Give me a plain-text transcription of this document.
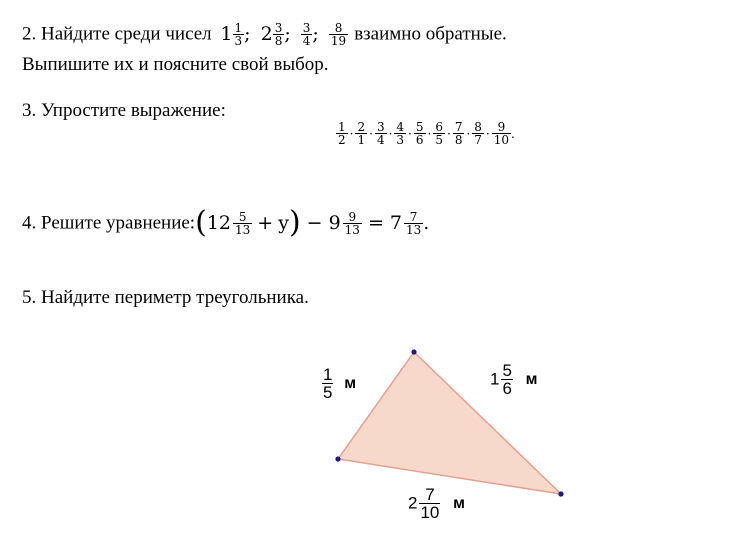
2. Найдите среди чисел $1 \frac{1}{3}$ ; $2 \frac{3}{8}$ ; $\frac{3}{4}$ ; $\frac{8}{19}$ взаимно обратные.
Выпишите их и поясните свой выбор.
3. Упростите выражение:
$\frac{1}{2} \cdot \frac{2}{1} \cdot \frac{3}{4} \cdot \frac{4}{3} \cdot \frac{5}{6} \cdot \frac{6}{5} \cdot \frac{7}{8} \cdot \frac{8}{7} \cdot \frac{9}{10}$ .
4. Решите уравнение:(12 $\frac{5}{13} + y) - 9 \frac{9}{13} = 7 \frac{7}{13}$ .
5. Найдите периметр треугольника.
$\frac{1}{5}$ м	$1 \frac{5}{6}$ м
$2 \frac{7}{10}$ м
